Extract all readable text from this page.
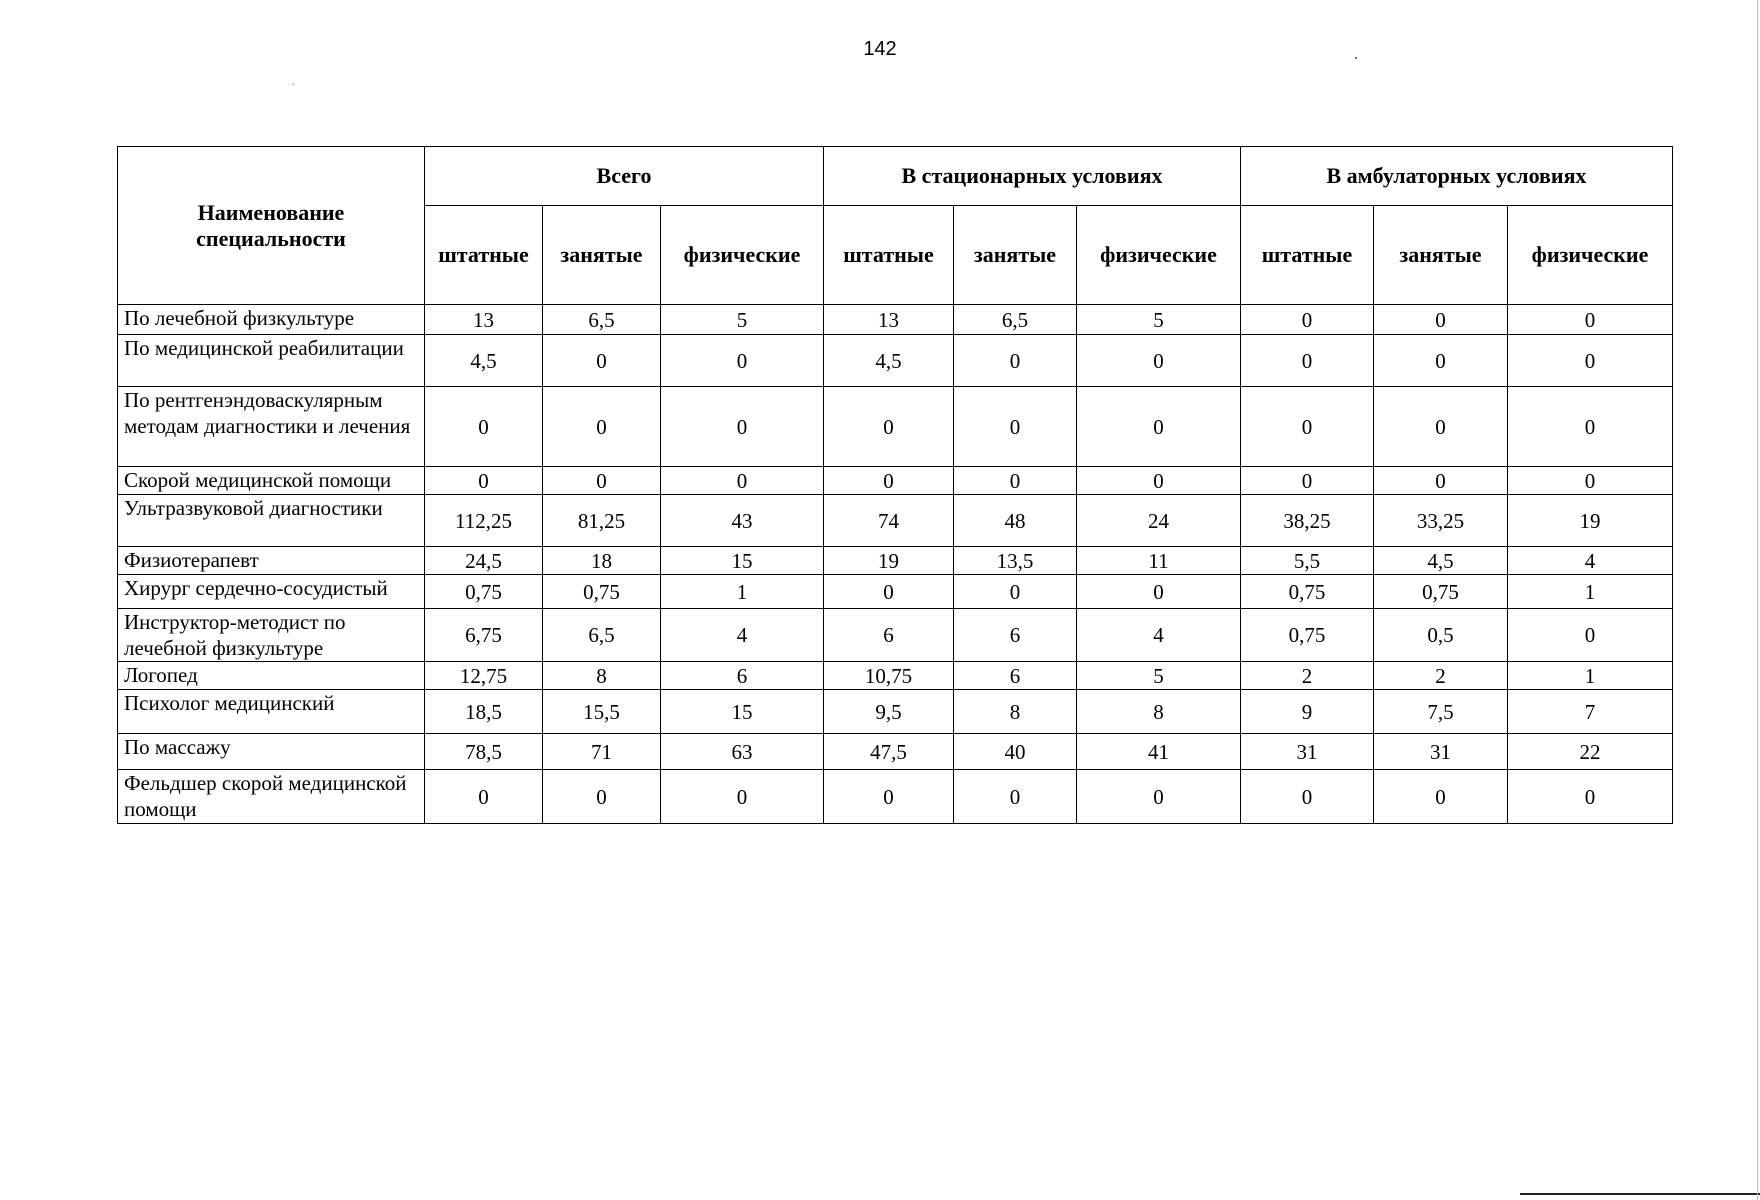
142
Наименование специальности	Всего			В стационарных условиях			В амбулаторных условиях		
	штатные	занятые	физические	штатные	занятые	физические	штатные	занятые	физические
По лечебной физкультуре	13	6,5	5	13	6,5	5	0	0	0
По медицинской реабилитации	4,5	0	0	4,5	0	0	0	0	0
По рентгенэндоваскулярным методам диагностики и лечения	0	0	0	0	0	0	0	0	0
Скорой медицинской помощи	0	0	0	0	0	0	0	0	0
Ультразвуковой диагностики	112,25	81,25	43	74	48	24	38,25	33,25	19
Физиотерапевт	24,5	18	15	19	13,5	11	5,5	4,5	4
Хирург сердечно-сосудистый	0,75	0,75	1	0	0	0	0,75	0,75	1
Инструктор-методист по лечебной физкультуре	6,75	6,5	4	6	6	4	0,75	0,5	0
Логопед	12,75	8	6	10,75	6	5	2	2	1
Психолог медицинский	18,5	15,5	15	9,5	8	8	9	7,5	7
По массажу	78,5	71	63	47,5	40	41	31	31	22
Фельдшер скорой медицинской помощи	0	0	0	0	0	0	0	0	0
